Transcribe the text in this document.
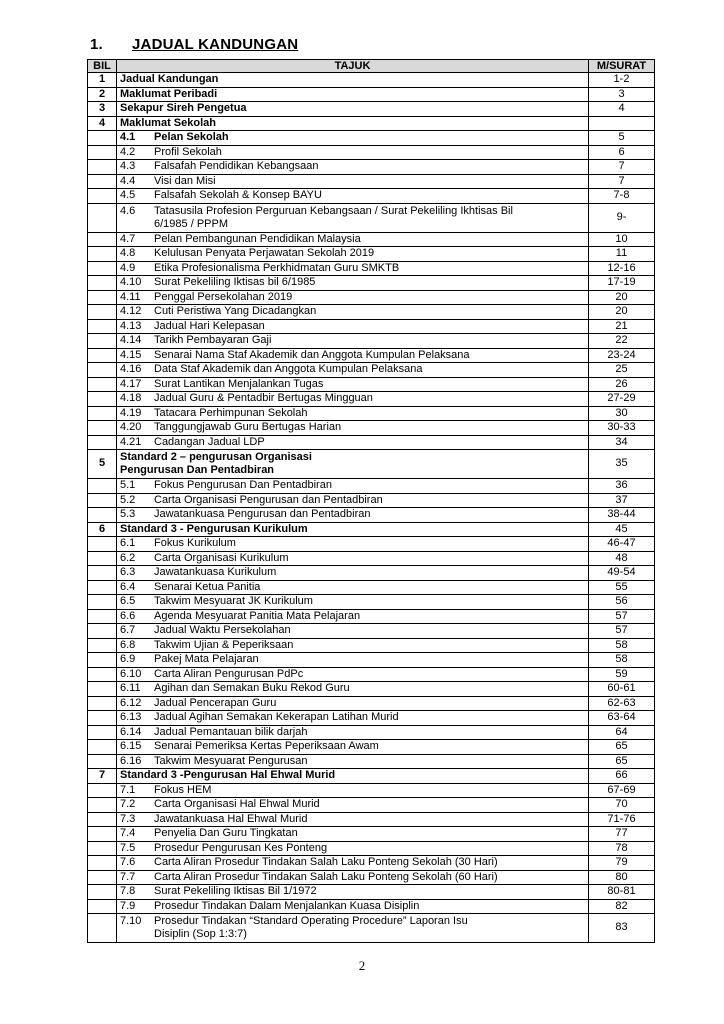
1. JADUAL KANDUNGAN
BIL	TAJUK	M/SURAT
1	Jadual Kandungan	1-2
2	Maklumat Peribadi	3
3	Sekapur Sireh Pengetua	4
4	Maklumat Sekolah	

	4.1 Pelan Sekolah	5

	4.2 Profil Sekolah	6

	4.3 Falsafah Pendidikan Kebangsaan	7

	4.4 Visi dan Misi	7

	4.5 Falsafah Sekolah & Konsep BAYU	7-8

	4.6 Tatasusila Profesion Perguruan Kebangsaan / Surat Pekeliling Ikhtisas Bil
6/1985 / PPPM	9-

	4.7 Pelan Pembangunan Pendidikan Malaysia	10

	4.8 Kelulusan Penyata Perjawatan Sekolah 2019	11

	4.9 Etika Profesionalisma Perkhidmatan Guru SMKTB	12-16

	4.10 Surat Pekeliling Iktisas bil 6/1985	17-19

	4.11 Penggal Persekolahan 2019	20

	4.12 Cuti Peristiwa Yang Dicadangkan	20

	4.13 Jadual Hari Kelepasan	21

	4.14 Tarikh Pembayaran Gaji	22

	4.15 Senarai Nama Staf Akademik dan Anggota Kumpulan Pelaksana	23-24

	4.16 Data Staf Akademik dan Anggota Kumpulan Pelaksana	25

	4.17 Surat Lantikan Menjalankan Tugas	26

	4.18 Jadual Guru & Pentadbir Bertugas Mingguan	27-29

	4.19 Tatacara Perhimpunan Sekolah	30

	4.20 Tanggungjawab Guru Bertugas Harian	30-33

	4.21 Cadangan Jadual LDP	34
5	Standard 2 – pengurusan Organisasi
Pengurusan Dan Pentadbiran	35

	5.1 Fokus Pengurusan Dan Pentadbiran	36

	5.2 Carta Organisasi Pengurusan dan Pentadbiran	37

	5.3 Jawatankuasa Pengurusan dan Pentadbiran	38-44
6	Standard 3 - Pengurusan Kurikulum	45

	6.1 Fokus Kurikulum	46-47

	6.2 Carta Organisasi Kurikulum	48

	6.3 Jawatankuasa Kurikulum	49-54

	6.4 Senarai Ketua Panitia	55

	6.5 Takwim Mesyuarat JK Kurikulum	56

	6.6 Agenda Mesyuarat Panitia Mata Pelajaran	57

	6.7 Jadual Waktu Persekolahan	57

	6.8 Takwim Ujian & Peperiksaan	58

	6.9 Pakej Mata Pelajaran	58

	6.10 Carta Aliran Pengurusan PdPc	59

	6.11 Agihan dan Semakan Buku Rekod Guru	60-61

	6.12 Jadual Pencerapan Guru	62-63

	6.13 Jadual Agihan Semakan Kekerapan Latihan Murid	63-64

	6.14 Jadual Pemantauan bilik darjah	64

	6.15 Senarai Pemeriksa Kertas Peperiksaan Awam	65

	6.16 Takwim Mesyuarat Pengurusan	65
7	Standard 3 -Pengurusan Hal Ehwal Murid	66

	7.1 Fokus HEM	67-69

	7.2 Carta Organisasi Hal Ehwal Murid	70

	7.3 Jawatankuasa Hal Ehwal Murid	71-76

	7.4 Penyelia Dan Guru Tingkatan	77

	7.5 Prosedur Pengurusan Kes Ponteng	78

	7.6 Carta Aliran Prosedur Tindakan Salah Laku Ponteng Sekolah (30 Hari)	79

	7.7 Carta Aliran Prosedur Tindakan Salah Laku Ponteng Sekolah (60 Hari)	80

	7.8 Surat Pekeliling Iktisas Bil 1/1972	80-81

	7.9 Prosedur Tindakan Dalam Menjalankan Kuasa Disiplin	82

	7.10 Prosedur Tindakan “Standard Operating Procedure” Laporan Isu
Disiplin (Sop 1:3:7)	83
2
